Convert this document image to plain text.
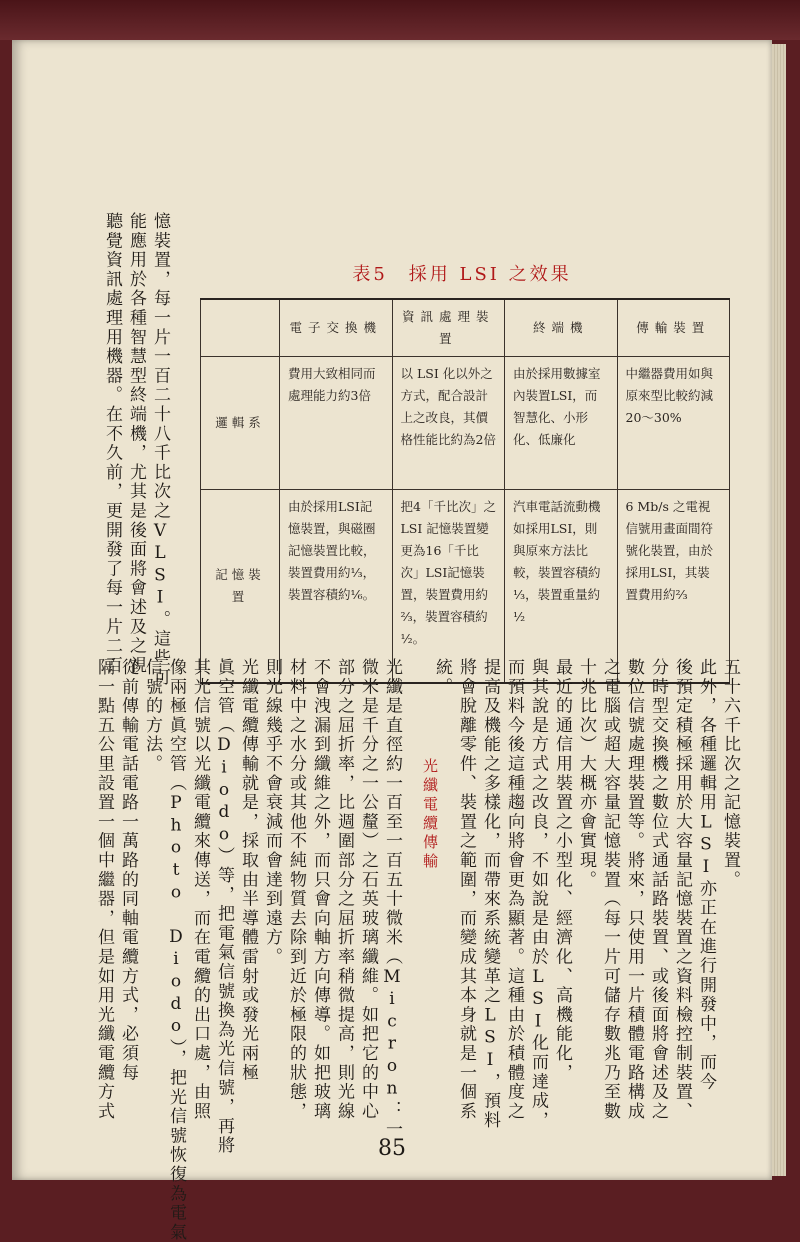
憶裝置，每一片一百二十八千比次之VLSI。這些可
能應用於各種智慧型終端機，尤其是後面將會述及之視
聽覺資訊處理用機器。在不久前，更開發了每一片二百	表5　採用 LSI 之效果
	電子交換機	資訊處理裝置	終端機	傳輸裝置
邏輯系	費用大致相同而處理能力約3倍	以 LSI 化以外之方式，配合設計上之改良，其價格性能比約為2倍	由於採用數據室內裝置LSI，而智慧化、小形化、低廉化	中繼器費用如與原來型比較約減20～30%
記憶裝置	由於採用LSI記憶裝置，與磁圈記憶裝置比較，裝置費用約⅓，裝置容積約⅙。	把4「千比次」之 LSI 記憶裝置變更為16「千比次」LSI記憶裝置，裝置費用約⅔，裝置容積約½。	汽車電話流動機如採用LSI，則與原來方法比較，裝置容積約⅓，裝置重量約½	6 Mb/s 之電視信號用畫面間符號化裝置，由於採用LSI，其裝置費用約⅔
五十六千比次之記憶裝置。
此外，各種邏輯用LSI亦正在進行開發中，而今
後預定積極採用於大容量記憶裝置之資料檢控制裝置、
分時型交換機之數位式通話路裝置、或後面將會述及之
數位信號處理裝置等。將來，只使用一片積體電路構成
之電腦或超大容量記憶裝置（每一片可儲存數兆乃至數
十兆比次）大概亦會實現。
最近的通信用裝置之小型化、經濟化、高機能化，
與其說是方式之改良，不如說是由於LSI化而達成，
而預料今後這種趨向將會更為顯著。這種由於積體度之
提高及機能之多樣化，而帶來系統變革之LSI，預料
將會脫離零件、裝置之範圍，而變成其本身就是一個系
統。
光纖電纜傳輸
光纖是直徑約一百至一百五十微米（Micron：一
微米是千分之一公釐）之石英玻璃纖維。如把它的中心
部分之屈折率，比週圍部分之屈折率稍微提高，則光線
不會洩漏到纖維之外，而只會向軸方向傳導。如把玻璃
材料中之水分或其他不純物質去除到近於極限的狀態，
則光線幾乎不會衰減而會達到遠方。
光纖電纜傳輸就是，採取由半導體雷射或發光兩極
眞空管（Diodo）等，把電氣信號換為光信號，再將
其光信號以光纖電纜來傳送，而在電纜的出口處，由照
像兩極眞空管（Photo Diodo），把光信號恢復為電氣
信號的方法。
從前傳輸電話電路一萬路的同軸電纜方式，必須每
隔一點五公里設置一個中繼器，但是如用光纖電纜方式
85
